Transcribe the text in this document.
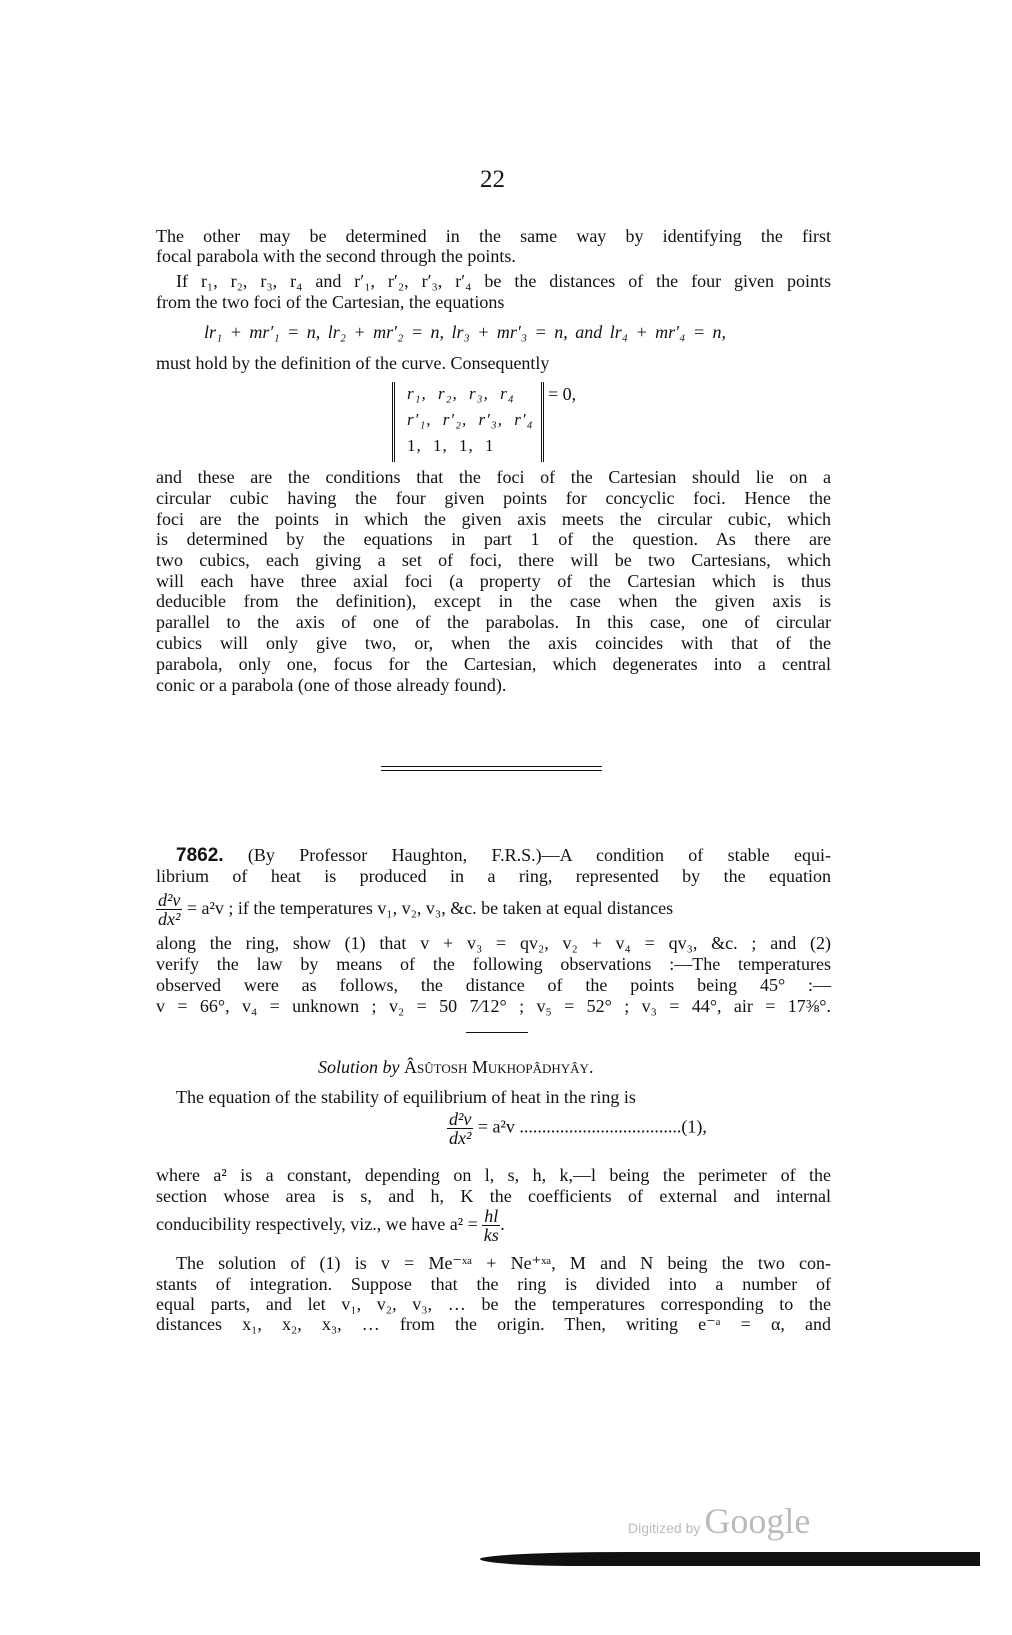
22
The other may be determined in the same way by identifying the first
focal parabola with the second through the points.
If r₁, r₂, r₃, r₄ and r′₁, r′₂, r′₃, r′₄ be the distances of the four given points
from the two foci of the Cartesian, the equations
lr₁ + mr′₁ = n, lr₂ + mr′₂ = n, lr₃ + mr′₃ = n, and lr₄ + mr′₄ = n,
must hold by the definition of the curve. Consequently
r₁, r₂, r₃, r₄
r′₁, r′₂, r′₃, r′₄
1, 1, 1, 1
= 0,
and these are the conditions that the foci of the Cartesian should lie on a
circular cubic having the four given points for concyclic foci. Hence the
foci are the points in which the given axis meets the circular cubic, which
is determined by the equations in part 1 of the question. As there are
two cubics, each giving a set of foci, there will be two Cartesians, which
will each have three axial foci (a property of the Cartesian which is thus
deducible from the definition), except in the case when the given axis is
parallel to the axis of one of the parabolas. In this case, one of circular
cubics will only give two, or, when the axis coincides with that of the
parabola, only one, focus for the Cartesian, which degenerates into a central
conic or a parabola (one of those already found).
7862. (By Professor Haughton, F.R.S.)—A condition of stable equi-
librium of heat is produced in a ring, represented by the equation
$\frac{\text{d²v}}{\text{dx²}} = a^2v$ ; if the temperatures v₁, v₂, v₃, &c. be taken at equal distances
along the ring, show (1) that v + v₃ = qv₂, v₂ + v₄ = qv₃, &c. ; and (2)
verify the law by means of the following observations :—The temperatures
observed were as follows, the distance of the points being 45° :—
v = 66°, v₄ = unknown ; v₂ = 50 7⁄12° ; v₅ = 52° ; v₃ = 44°, air = 17⅜°.
Solution by Âsûtosh Mukhopâdhyây.
The equation of the stability of equilibrium of heat in the ring is
$\frac{\text{d²v}}{\text{dx²}} = a^2v$ ....................................(1),
where a² is a constant, depending on l, s, h, k,—l being the perimeter of the
section whose area is s, and h, K the coefficients of external and internal
conducibility respectively, viz., we have $a^2 = \frac{hl}{ks}$ .
The solution of (1) is v = Me⁻ˣᵃ + Ne⁺ˣᵃ, M and N being the two con-
stants of integration. Suppose that the ring is divided into a number of
equal parts, and let v₁, v₂, v₃, … be the temperatures corresponding to the
distances x₁, x₂, x₃, … from the origin. Then, writing e⁻ᵃ = α, and
Digitized by Google
